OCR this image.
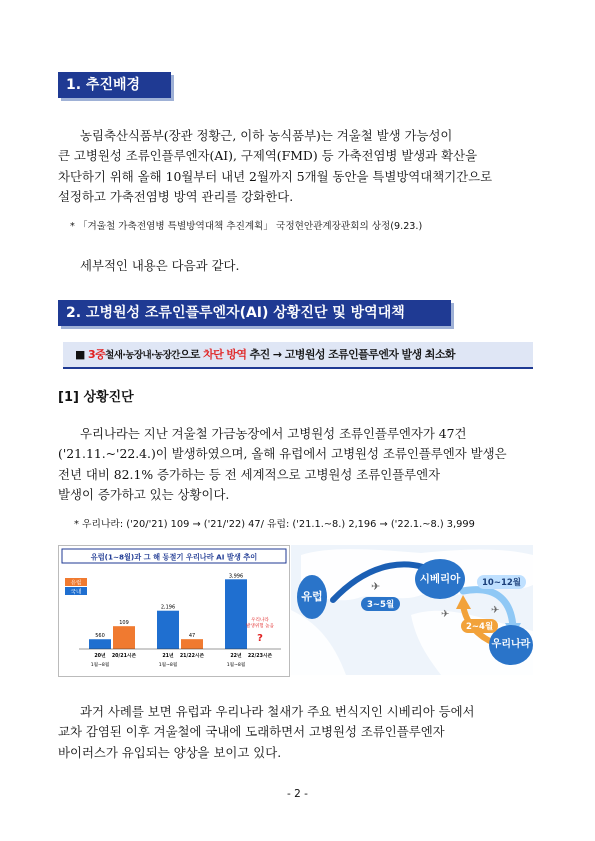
1. 추진배경
농림축산식품부(장관 정황근, 이하 농식품부)는 겨울철 발생 가능성이
큰 고병원성 조류인플루엔자(AI), 구제역(FMD) 등 가축전염병 발생과 확산을
차단하기 위해 올해 10월부터 내년 2월까지 5개월 동안을 특별방역대책기간으로
설정하고 가축전염병 방역 관리를 강화한다.
* 「겨울철 가축전염병 특별방역대책 추진계획」 국정현안관계장관회의 상정(9.23.)
세부적인 내용은 다음과 같다.
2. 고병원성 조류인플루엔자(AI) 상황진단 및 방역대책
■ 3중철새·농장내·농장간으로 차단 방역 추진 → 고병원성 조류인플루엔자 발생 최소화
[1] 상황진단
우리나라는 지난 겨울철 가금농장에서 고병원성 조류인플루엔자가 47건
('21.11.~'22.4.)이 발생하였으며, 올해 유럽에서 고병원성 조류인플루엔자 발생은
전년 대비 82.1% 증가하는 등 전 세계적으로 고병원성 조류인플루엔자
발생이 증가하고 있는 상황이다.
* 우리나라: ('20/'21) 109 → ('21/'22) 47/ 유럽: ('21.1.~8.) 2,196 → ('22.1.~8.) 3,999
유럽(1~8월)과 그 해 동절기 우리나라 AI 발생 추이
유럽
국내
560
109
20년
1월~8월
20/21시즌
2,196
47
21년
1월~8월
21/22시즌
3,996
?
우리나라
발생위험 높음
22년
1월~8월
22/23시즌
✈
✈	✈
유럽
시베리아
우리나라
3~5월
10~12월
2~4월
과거 사례를 보면 유럽과 우리나라 철새가 주요 번식지인 시베리아 등에서
교차 감염된 이후 겨울철에 국내에 도래하면서 고병원성 조류인플루엔자
바이러스가 유입되는 양상을 보이고 있다.
- 2 -
